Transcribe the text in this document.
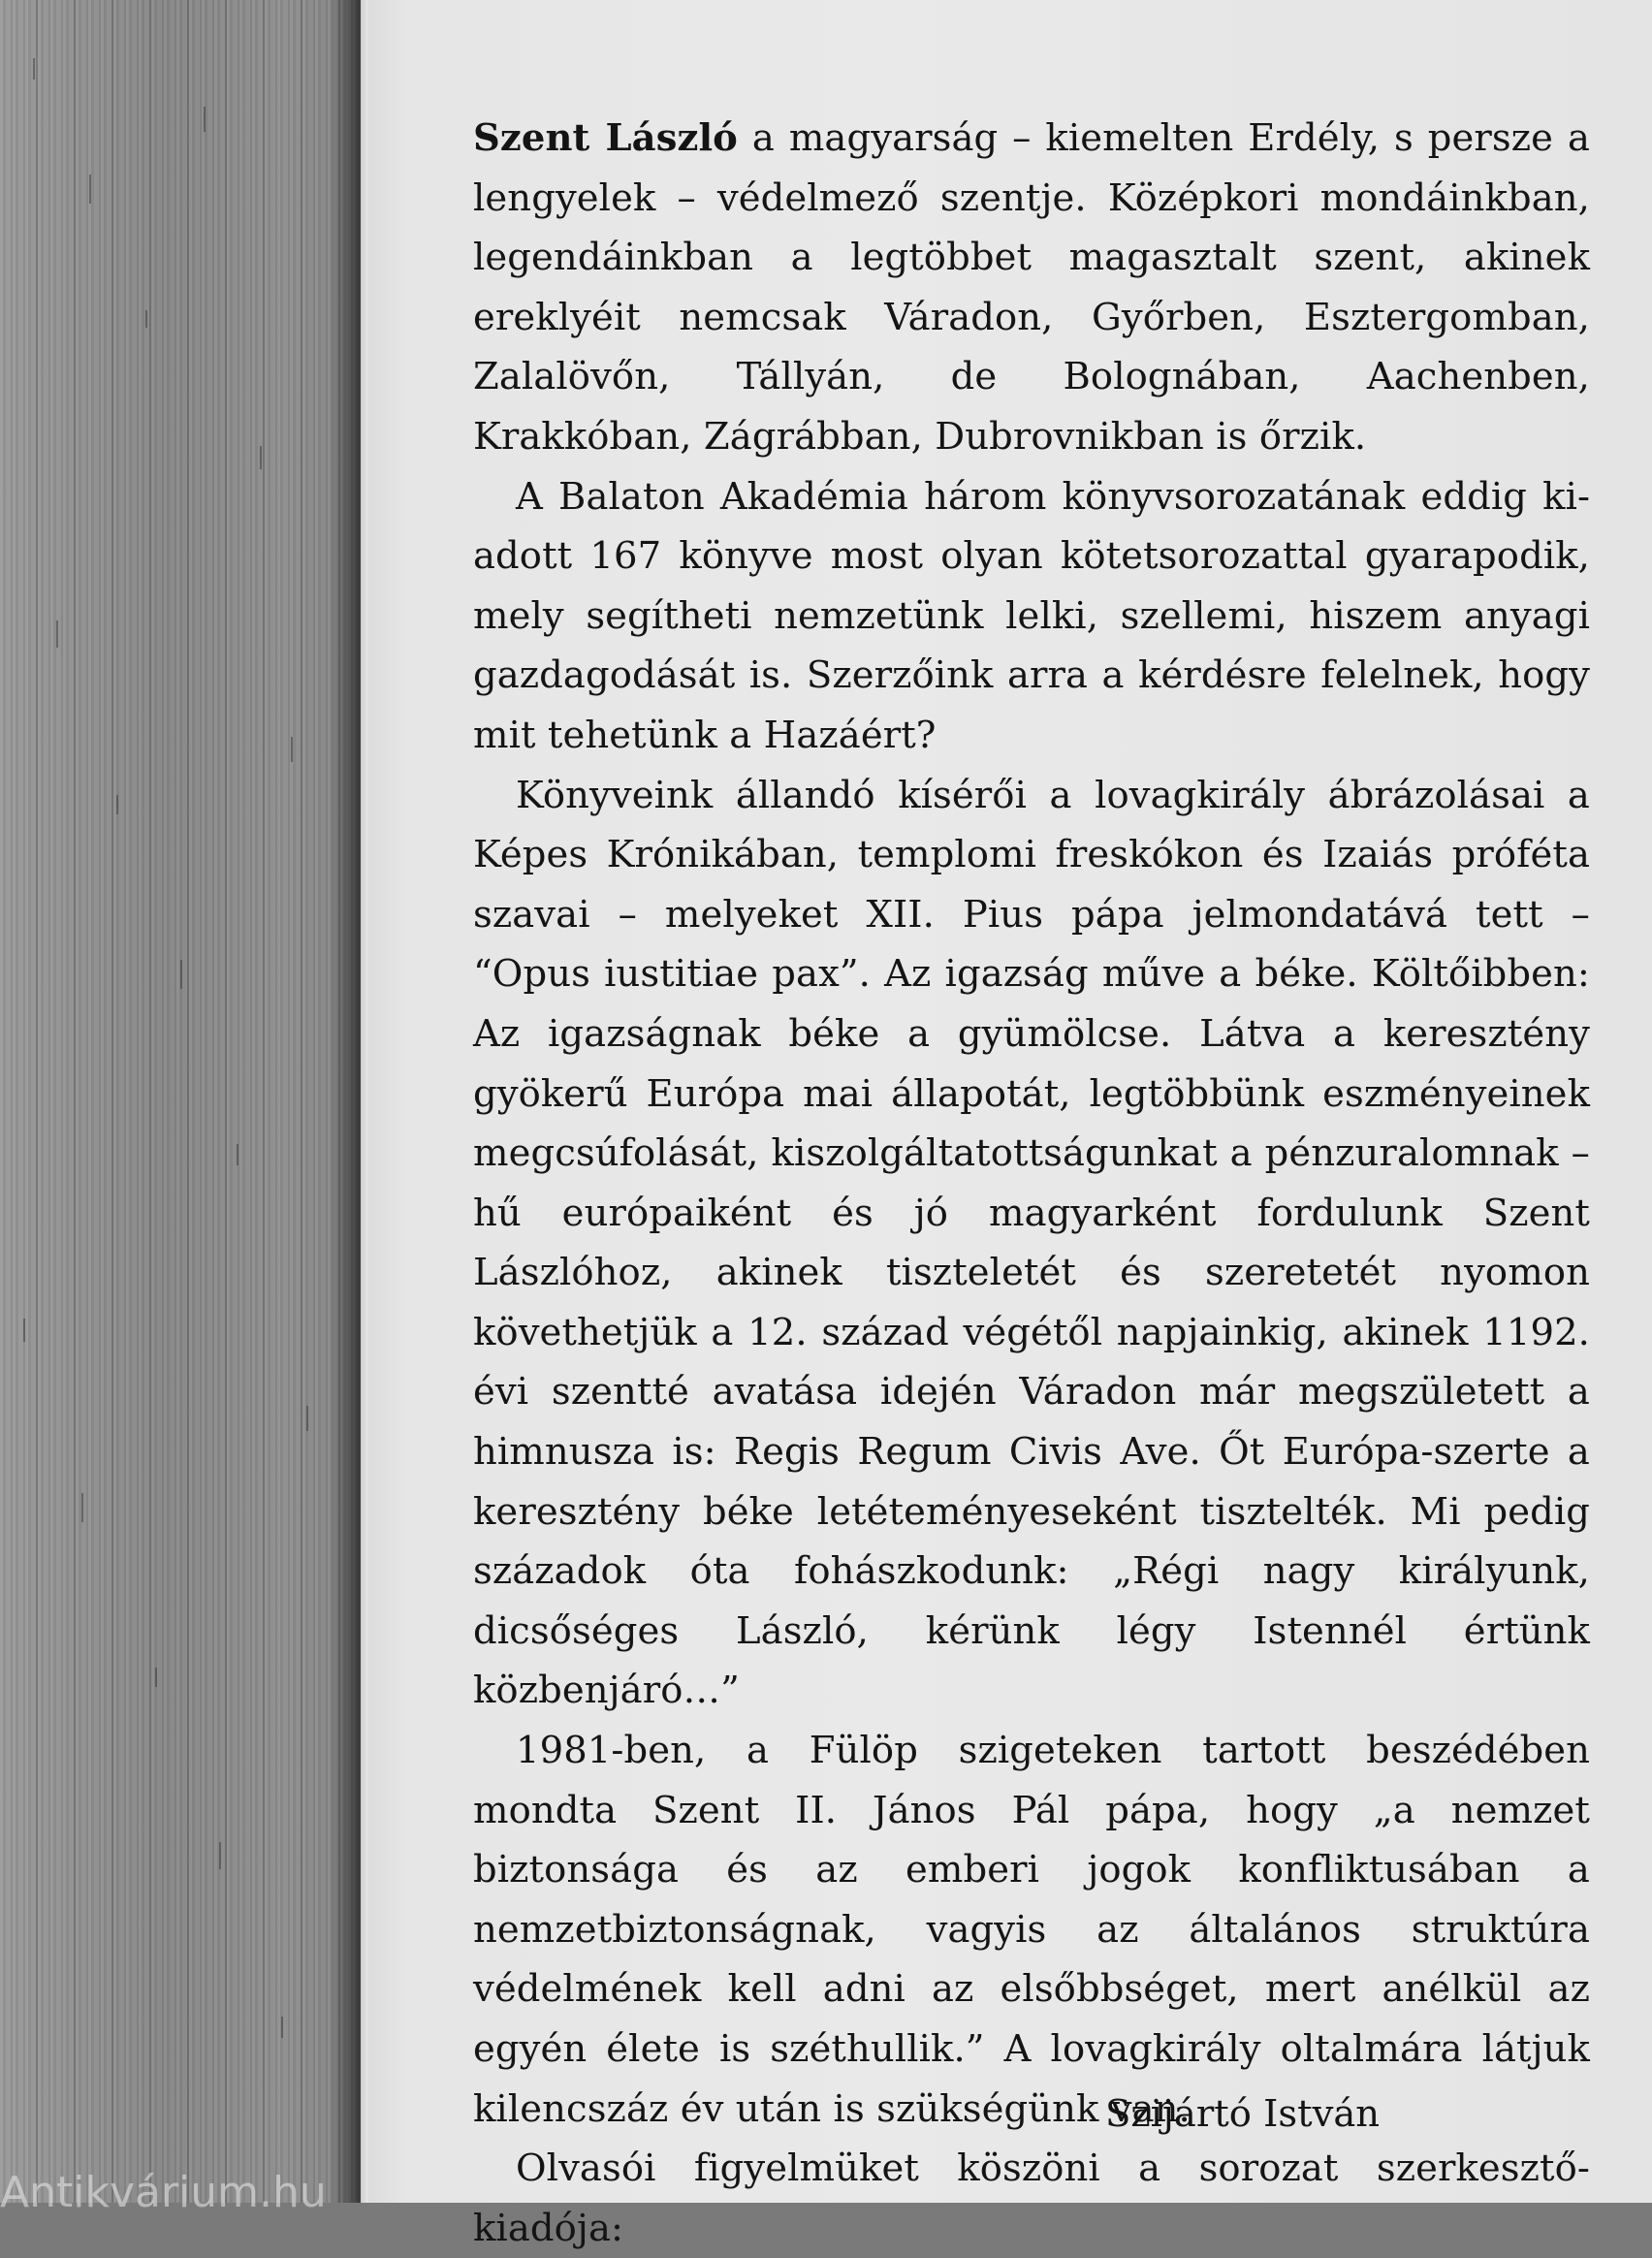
Szent László a magyarság – kiemelten Erdély, s persze a lengyelek – védelmező szentje. Középkori mondáinkban, legendáinkban a legtöbbet magasztalt szent, akinek ereklyéit nemcsak Váradon, Győrben, Esztergomban, Zalalövőn, Tállyán, de Bolognában, Aachenben, Krakkóban, Zágrábban, Dubrovnikban is őrzik.

A Balaton Akadémia három könyvsorozatának eddig kiadott 167 könyve most olyan kötetsorozattal gyarapodik, mely segítheti nemzetünk lelki, szellemi, hiszem anyagi gazdagodását is. Szerzőink arra a kérdésre felelnek, hogy mit tehetünk a Hazáért?

Könyveink állandó kísérői a lovagkirály ábrázolásai a Képes Krónikában, templomi freskókon és Izaiás próféta szavai – melyeket XII. Pius pápa jelmondatává tett – “Opus iustitiae pax”. Az igazság műve a béke. Költőibben: Az igazságnak béke a gyümölcse. Látva a keresztény gyökerű Európa mai állapotát, legtöbbünk eszményeinek megcsúfolását, kiszolgáltatottságunkat a pénzuralomnak – hű európaiként és jó magyarként fordulunk Szent Lászlóhoz, akinek tiszteletét és szeretetét nyomon követhetjük a 12. század végétől napjainkig, akinek 1192. évi szentté avatása idején Váradon már megszületett a himnusza is: Regis Regum Civis Ave. Őt Európa-szerte a keresztény béke letéteményeseként tisztelték. Mi pedig századok óta fohászkodunk: „Régi nagy királyunk, dicsőséges László, kérünk légy Istennél értünk közbenjáró…”

1981-ben, a Fülöp szigeteken tartott beszédében mondta Szent II. János Pál pápa, hogy „a nemzet biztonsága és az emberi jogok konfliktusában a nemzetbiztonságnak, vagyis az általános struktúra védelmének kell adni az elsőbbséget, mert anélkül az egyén élete is széthullik.” A lovagkirály oltalmára látjuk kilencszáz év után is szükségünk van.

Olvasói figyelmüket köszöni a sorozat szerkesztő-kiadója:

Szijártó István
Antikvárium.hu
